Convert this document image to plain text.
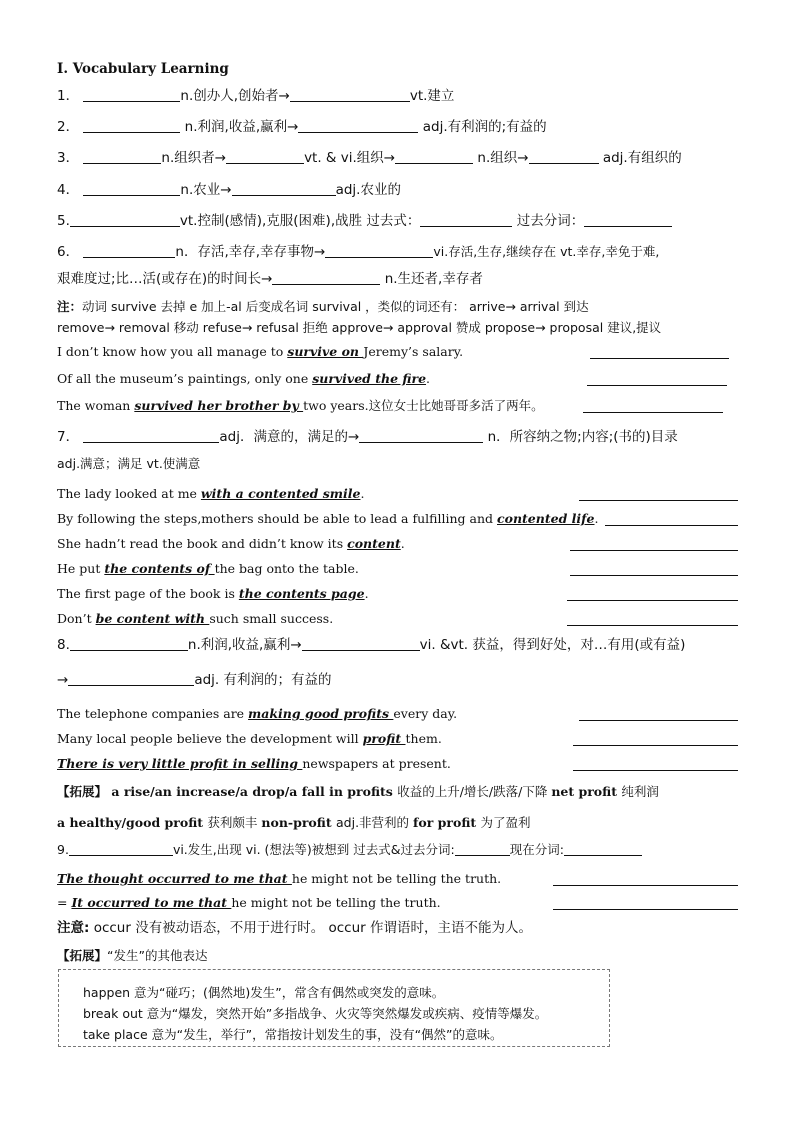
I. Vocabulary Learning
1．	n.创办人,创始者→	vt.建立
2．	n.利润,收益,赢利→	adj.有利润的;有益的
3．	n.组织者→	vt. & vi.组织→	n.组织→	adj.有组织的
4．	n.农业→	adj.农业的
5.	vt.控制(感情),克服(困难),战胜 过去式：	过去分词：
6．	n．存活,幸存,幸存事物→	vi.存活,生存,继续存在 vt.幸存,幸免于难,
艰难度过;比…活(或存在)的时间长→	n.生还者,幸存者
注：动词 survive 去掉 e 加上-al 后变成名词 survival ，类似的词还有： arrive→ arrival 到达
remove→ removal 移动 refuse→ refusal 拒绝 approve→ approval 赞成 propose→ proposal 建议,提议
I don’t know how you all manage to survive on Jeremy’s salary.
Of all the museum’s paintings, only one survived the fire.
The woman survived her brother by two years.这位女士比她哥哥多活了两年。
7．	adj．满意的，满足的→	n．所容纳之物;内容;(书的)目录
adj.满意；满足 vt.使满意
The lady looked at me with a contented smile.
By following the steps,mothers should be able to lead a fulfilling and contented life.
She hadn’t read the book and didn’t know its content.
He put the contents of the bag onto the table.
The first page of the book is the contents page.
Don’t be content with such small success.
8.	n.利润,收益,赢利→	vi. &vt. 获益，得到好处，对…有用(或有益)
→	adj. 有利润的；有益的
The telephone companies are making good profits every day.
Many local people believe the development will profit them.
There is very little profit in selling newspapers at present.
【拓展】 a rise/an increase/a drop/a fall in profits 收益的上升/增长/跌落/下降 net profit 纯利润
a healthy/good profit 获利颇丰 non-profit adj.非营利的 for profit 为了盈利
9.	vi.发生,出现 vi. (想法等)被想到 过去式&过去分词:	现在分词:
The thought occurred to me that he might not be telling the truth.
= It occurred to me that he might not be telling the truth.
注意: occur 没有被动语态，不用于进行时。 occur 作谓语时，主语不能为人。
【拓展】“发生”的其他表达
happen 意为“碰巧；(偶然地)发生”，常含有偶然或突发的意味。
break out 意为“爆发，突然开始”多指战争、火灾等突然爆发或疾病、疫情等爆发。
take place 意为“发生，举行”，常指按计划发生的事，没有“偶然”的意味。
